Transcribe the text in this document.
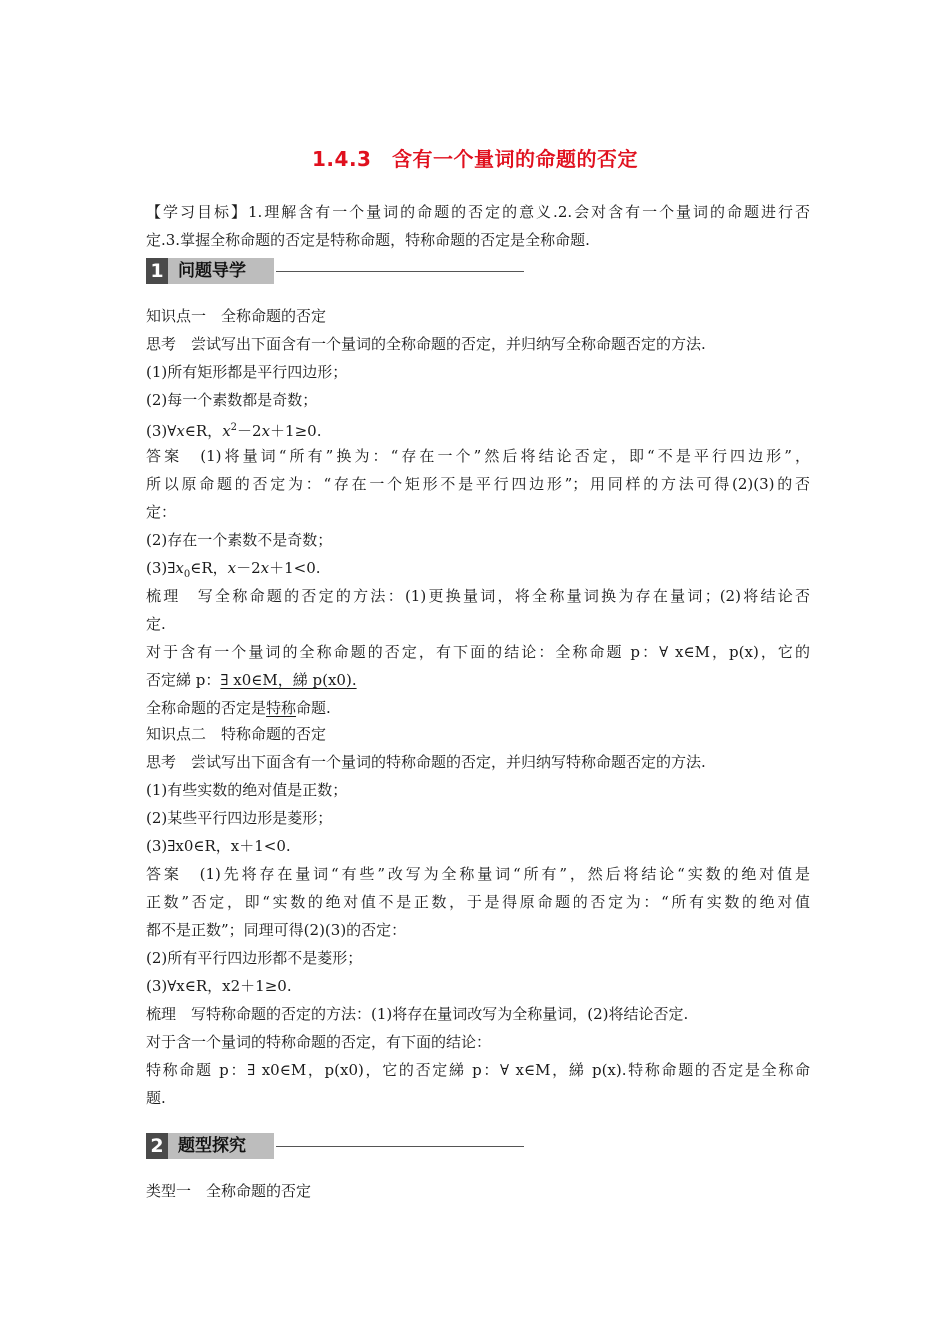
1.4.3　含有一个量词的命题的否定
【学习目标】1.理解含有一个量词的命题的否定的意义.2.会对含有一个量词的命题进行否
定.3.掌握全称命题的否定是特称命题，特称命题的否定是全称命题.
1 问题导学
知识点一　全称命题的否定
思考　尝试写出下面含有一个量词的全称命题的否定，并归纳写全称命题否定的方法.
(1)所有矩形都是平行四边形；
(2)每一个素数都是奇数；
(3)∀x∈R，$x^2-2x+1\ge 0$.
答案　(1)将量词“所有”换为：“存在一个”然后将结论否定，即“不是平行四边形”，
所以原命题的否定为：“存在一个矩形不是平行四边形”；用同样的方法可得(2)(3)的否
定：
(2)存在一个素数不是奇数；
$(3)\exists x_0\in R$，x－2x＋1<0.
梳理　写全称命题的否定的方法：(1)更换量词，将全称量词换为存在量词；(2)将结论否
定.
对于含有一个量词的全称命题的否定，有下面的结论：全称命题 p：∀ x∈M，p(x)，它的
否定綈 p：∃ x0∈M，綈 p(x0).
全称命题的否定是特称命题.
知识点二　特称命题的否定
思考　尝试写出下面含有一个量词的特称命题的否定，并归纳写特称命题否定的方法.
(1)有些实数的绝对值是正数；
(2)某些平行四边形是菱形；
(3)∃x0∈R，x＋1<0.
答案　(1)先将存在量词“有些”改写为全称量词“所有”，然后将结论“实数的绝对值是
正数”否定，即“实数的绝对值不是正数，于是得原命题的否定为：“所有实数的绝对值
都不是正数”；同理可得(2)(3)的否定：
(2)所有平行四边形都不是菱形；
(3)∀x∈R，x2＋1≥0.
梳理　写特称命题的否定的方法：(1)将存在量词改写为全称量词，(2)将结论否定.
对于含一个量词的特称命题的否定，有下面的结论：
特称命题 p：∃ x0∈M，p(x0)，它的否定綈 p：∀ x∈M，綈 p(x).特称命题的否定是全称命
题.
2 题型探究
类型一　全称命题的否定
